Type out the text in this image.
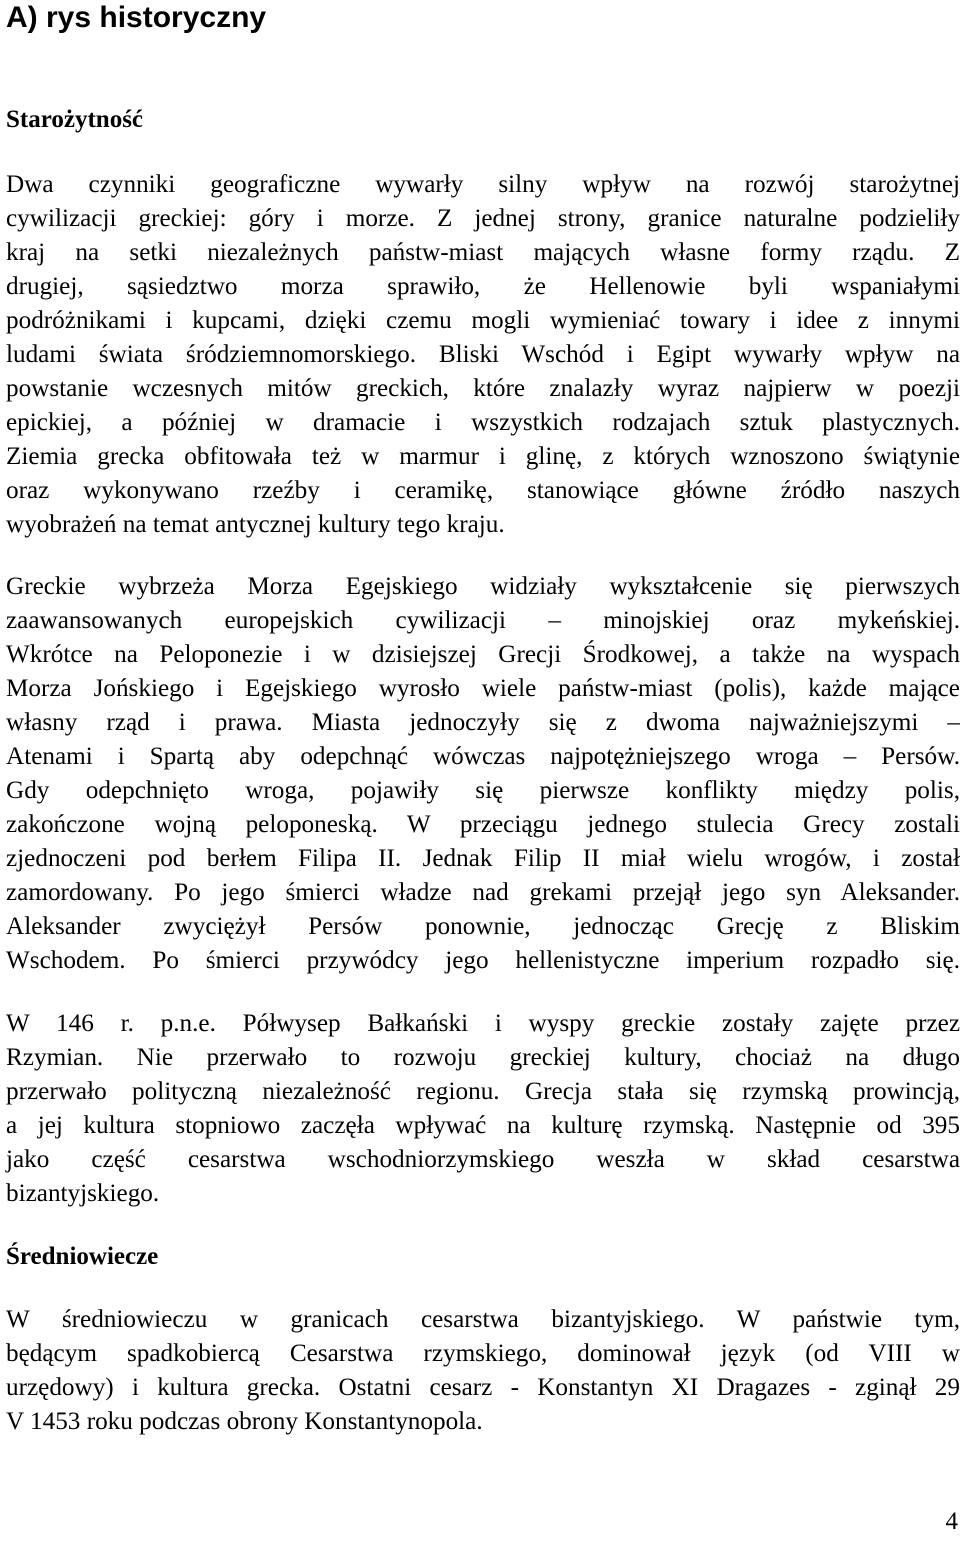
A) rys historyczny
Starożytność

Dwa czynniki geograficzne wywarły silny wpływ na rozwój starożytnej
cywilizacji greckiej: góry i morze. Z jednej strony, granice naturalne podzieliły
kraj na setki niezależnych państw-miast mających własne formy rządu. Z
drugiej, sąsiedztwo morza sprawiło, że Hellenowie byli wspaniałymi
podróżnikami i kupcami, dzięki czemu mogli wymieniać towary i idee z innymi
ludami świata śródziemnomorskiego. Bliski Wschód i Egipt wywarły wpływ na
powstanie wczesnych mitów greckich, które znalazły wyraz najpierw w poezji
epickiej, a później w dramacie i wszystkich rodzajach sztuk plastycznych.
Ziemia grecka obfitowała też w marmur i glinę, z których wznoszono świątynie
oraz wykonywano rzeźby i ceramikę, stanowiące główne źródło naszych
wyobrażeń na temat antycznej kultury tego kraju.

Greckie wybrzeża Morza Egejskiego widziały wykształcenie się pierwszych
zaawansowanych europejskich cywilizacji – minojskiej oraz mykeńskiej.
Wkrótce na Peloponezie i w dzisiejszej Grecji Środkowej, a także na wyspach
Morza Jońskiego i Egejskiego wyrosło wiele państw-miast (polis), każde mające
własny rząd i prawa. Miasta jednoczyły się z dwoma najważniejszymi –
Atenami i Spartą aby odepchnąć wówczas najpotężniejszego wroga – Persów.
Gdy odepchnięto wroga, pojawiły się pierwsze konflikty między polis,
zakończone wojną peloponeską. W przeciągu jednego stulecia Grecy zostali
zjednoczeni pod berłem Filipa II. Jednak Filip II miał wielu wrogów, i został
zamordowany. Po jego śmierci władze nad grekami przejął jego syn Aleksander.
Aleksander zwyciężył Persów ponownie, jednocząc Grecję z Bliskim
Wschodem. Po śmierci przywódcy jego hellenistyczne imperium rozpadło się.

W 146 r. p.n.e. Półwysep Bałkański i wyspy greckie zostały zajęte przez
Rzymian. Nie przerwało to rozwoju greckiej kultury, chociaż na długo
przerwało polityczną niezależność regionu. Grecja stała się rzymską prowincją,
a jej kultura stopniowo zaczęła wpływać na kulturę rzymską. Następnie od 395
jako część cesarstwa wschodniorzymskiego weszła w skład cesarstwa
bizantyjskiego.

Średniowiecze

W średniowieczu w granicach cesarstwa bizantyjskiego. W państwie tym,
będącym spadkobiercą Cesarstwa rzymskiego, dominował język (od VIII w
urzędowy) i kultura grecka. Ostatni cesarz - Konstantyn XI Dragazes - zginął 29
V 1453 roku podczas obrony Konstantynopola.

4
